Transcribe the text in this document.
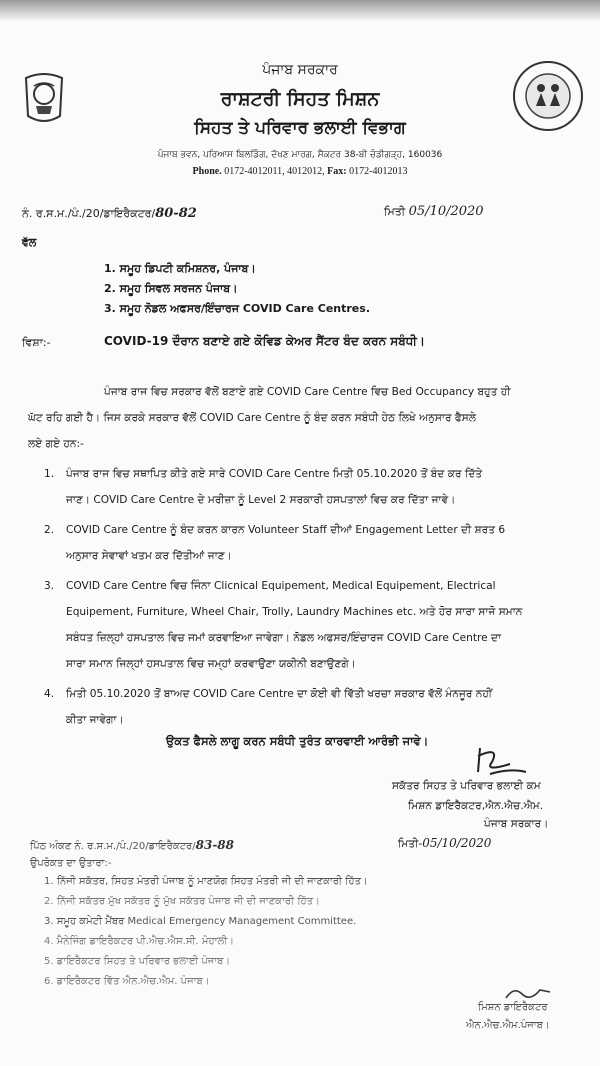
ਪੰਜਾਬ ਸਰਕਾਰ
ਰਾਸ਼ਟਰੀ ਸਿਹਤ ਮਿਸ਼ਨ
ਸਿਹਤ ਤੇ ਪਰਿਵਾਰ ਭਲਾਈ ਵਿਭਾਗ
ਪੰਜਾਬ ਭਵਨ, ਪਰਿਆਸ ਬਿਲਡਿੰਗ, ਦੱਖਣ ਮਾਰਗ, ਸੈਕਟਰ 38-ਬੀ ਚੰਡੀਗੜ੍ਹ, 160036
Phone. 0172-4012011, 4012012, Fax: 0172-4012013
ਨੰ. ਰ.ਸ.ਮ./ਪੰ./20/ਡਾਇਰੈਕਟਰ/80-82	ਮਿਤੀ 05/10/2020
ਵੱਲ
1. ਸਮੂਹ ਡਿਪਟੀ ਕਮਿਸ਼ਨਰ, ਪੰਜਾਬ।
2. ਸਮੂਹ ਸਿਵਲ ਸਰਜਨ ਪੰਜਾਬ।
3. ਸਮੂਹ ਨੋਡਲ ਅਫਸਰ/ਇੰਚਾਰਜ COVID Care Centres.
ਵਿਸ਼ਾ:-	COVID-19 ਦੌਰਾਨ ਬਣਾਏ ਗਏ ਕੋਵਿਡ ਕੇਅਰ ਸੈਂਟਰ ਬੰਦ ਕਰਨ ਸਬੰਧੀ।
ਪੰਜਾਬ ਰਾਜ ਵਿਚ ਸਰਕਾਰ ਵੱਲੋਂ ਬਣਾਏ ਗਏ COVID Care Centre ਵਿਚ Bed Occupancy ਬਹੁਤ ਹੀ
ਘੱਟ ਰਹਿ ਗਈ ਹੈ। ਜਿਸ ਕਰਕੇ ਸਰਕਾਰ ਵੱਲੋਂ COVID Care Centre ਨੂੰ ਬੰਦ ਕਰਨ ਸਬੰਧੀ ਹੇਠ ਲਿਖੇ ਅਨੁਸਾਰ ਫੈਸਲੇ
ਲਏ ਗਏ ਹਨ:-
1. ਪੰਜਾਬ ਰਾਜ ਵਿਚ ਸਥਾਪਿਤ ਕੀਤੇ ਗਏ ਸਾਰੇ COVID Care Centre ਮਿਤੀ 05.10.2020 ਤੋਂ ਬੰਦ ਕਰ ਦਿੱਤੇ
ਜਾਣ। COVID Care Centre ਦੇ ਮਰੀਜ਼ਾ ਨੂੰ Level 2 ਸਰਕਾਰੀ ਹਸਪਤਾਲਾਂ ਵਿਚ ਕਰ ਦਿੱਤਾ ਜਾਵੇ।
2. COVID Care Centre ਨੂੰ ਬੰਦ ਕਰਨ ਕਾਰਨ Volunteer Staff ਦੀਆਂ Engagement Letter ਦੀ ਸ਼ਰਤ 6
ਅਨੁਸਾਰ ਸੇਵਾਵਾਂ ਖਤਮ ਕਰ ਦਿੱਤੀਆਂ ਜਾਣ।
3. COVID Care Centre ਵਿਚ ਜਿੰਨਾ Clicnical Equipement, Medical Equipement, Electrical
Equipement, Furniture, Wheel Chair, Trolly, Laundry Machines etc. ਅਤੇ ਹੋਰ ਸਾਰਾ ਸਾਜੋ ਸਮਾਨ
ਸਬੰਧਤ ਜ਼ਿਲ੍ਹਾਂ ਹਸਪਤਾਲ ਵਿਚ ਜਮਾਂ ਕਰਵਾਇਆ ਜਾਵੇਗਾ। ਨੋਡਲ ਅਫਸਰ/ਇੰਚਾਰਜ COVID Care Centre ਦਾ
ਸਾਰਾ ਸਮਾਨ ਜਿਲ੍ਹਾਂ ਹਸਪਤਾਲ ਵਿਚ ਜਮ੍ਹਾਂ ਕਰਵਾਉਣਾ ਯਕੀਨੀ ਬਣਾਉਣਗੇ।
4. ਮਿਤੀ 05.10.2020 ਤੋਂ ਬਾਅਦ COVID Care Centre ਦਾ ਕੋਈ ਵੀ ਵਿੱਤੀ ਖਰਚਾ ਸਰਕਾਰ ਵੱਲੋਂ ਮੰਨਜੂਰ ਨਹੀਂ
ਕੀਤਾ ਜਾਵੇਗਾ।
ਉਕਤ ਫੈਸਲੇ ਲਾਗੂ ਕਰਨ ਸਬੰਧੀ ਤੁਰੰਤ ਕਾਰਵਾਈ ਆਰੰਭੀ ਜਾਵੇ।
ਸਕੱਤਰ ਸਿਹਤ ਤੇ ਪਰਿਵਾਰ ਭਲਾਈ ਕਮ
ਮਿਸ਼ਨ ਡਾਇਰੈਕਟਰ,ਐਨ.ਐਚ.ਐਮ.
ਪੰਜਾਬ ਸਰਕਾਰ।
ਪਿੱਠ ਅੰਕਣ ਨੰ. ਰ.ਸ.ਮ./ਪੰ./20/ਡਾਇਰੈਕਟਰ/83-88	ਮਿਤੀ-05/10/2020
ਉਪਰੋਕਤ ਦਾ ਉਤਾਰਾ:-
1. ਨਿੱਜੀ ਸਕੱਤਰ, ਸਿਹਤ ਮੰਤਰੀ ਪੰਜਾਬ ਨੂੰ ਮਾਣਯੋਗ ਸਿਹਤ ਮੰਤਰੀ ਜੀ ਦੀ ਜਾਣਕਾਰੀ ਹਿੱਤ।
2. ਨਿੱਜੀ ਸਕੱਤਰ ਮੁੱਖ ਸਕੱਤਰ ਨੂੰ ਮੁੱਖ ਸਕੱਤਰ ਪੰਜਾਬ ਜੀ ਦੀ ਜਾਣਕਾਰੀ ਹਿੱਤ।
3. ਸਮੂਹ ਕਮੇਟੀ ਮੈਂਬਰ Medical Emergency Management Committee.
4. ਮੈਨੇਜਿੰਗ ਡਾਇਰੈਕਟਰ ਪੀ.ਐਚ.ਐਸ.ਸੀ. ਮੋਹਾਲੀ।
5. ਡਾਇਰੈਕਟਰ ਸਿਹਤ ਤੇ ਪਰਿਵਾਰ ਭਲਾਈ ਪੰਜਾਬ।
6. ਡਾਇਰੈਕਟਰ ਵਿੱਤ ਐਨ.ਐਚ.ਐਮ. ਪੰਜਾਬ।
ਮਿਸ਼ਨ ਡਾਇਰੈਕਟਰ
ਐਨ.ਐਚ.ਐਮ.ਪੰਜਾਬ।
